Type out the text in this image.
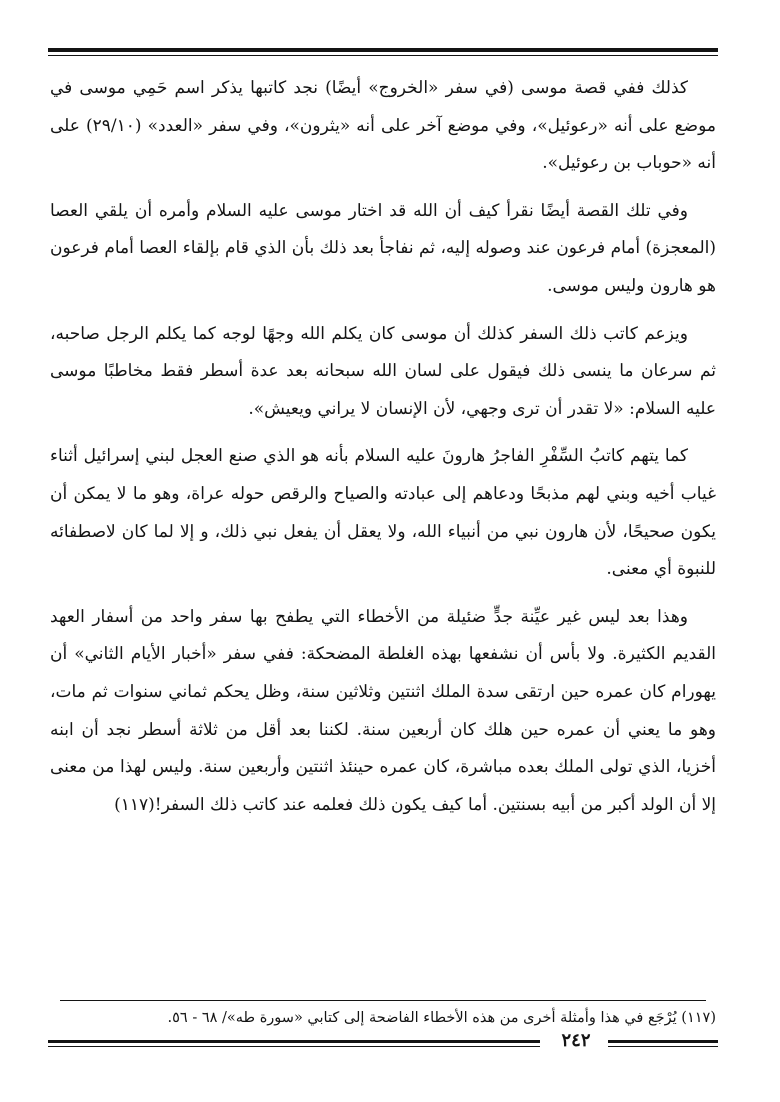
كذلك ففي قصة موسى (في سفر «الخروج» أيضًا) نجد كاتبها يذكر اسم حَمِي موسى في موضع على أنه «رعوئيل»، وفي موضع آخر على أنه «يثرون»، وفي سفر «العدد» (٢٩/١٠) على أنه «حوباب بن رعوئيل».

وفي تلك القصة أيضًا نقرأ كيف أن الله قد اختار موسى عليه السلام وأمره أن يلقي العصا (المعجزة) أمام فرعون عند وصوله إليه، ثم نفاجأ بعد ذلك بأن الذي قام بإلقاء العصا أمام فرعون هو هارون وليس موسى.

ويزعم كاتب ذلك السفر كذلك أن موسى كان يكلم الله وجهًا لوجه كما يكلم الرجل صاحبه، ثم سرعان ما ينسى ذلك فيقول على لسان الله سبحانه بعد عدة أسطر فقط مخاطبًا موسى عليه السلام: «لا تقدر أن ترى وجهي، لأن الإنسان لا يراني ويعيش».

كما يتهم كاتبُ السِّفْرِ الفاجرُ هارونَ عليه السلام بأنه هو الذي صنع العجل لبني إسرائيل أثناء غياب أخيه وبني لهم مذبحًا ودعاهم إلى عبادته والصياح والرقص حوله عراة، وهو ما لا يمكن أن يكون صحيحًا، لأن هارون نبي من أنبياء الله، ولا يعقل أن يفعل نبي ذلك، و إلا لما كان لاصطفائه للنبوة أي معنى.

وهذا بعد ليس غير عيِّنة جدٍّ ضئيلة من الأخطاء التي يطفح بها سفر واحد من أسفار العهد القديم الكثيرة. ولا بأس أن نشفعها بهذه الغلطة المضحكة: ففي سفر «أخبار الأيام الثاني» أن يهورام كان عمره حين ارتقى سدة الملك اثنتين وثلاثين سنة، وظل يحكم ثماني سنوات ثم مات، وهو ما يعني أن عمره حين هلك كان أربعين سنة. لكننا بعد أقل من ثلاثة أسطر نجد أن ابنه أخزيا، الذي تولى الملك بعده مباشرة، كان عمره حينئذ اثنتين وأربعين سنة. وليس لهذا من معنى إلا أن الولد أكبر من أبيه بسنتين. أما كيف يكون ذلك فعلمه عند كاتب ذلك السفر!(١١٧)

(١١٧) يُرْجَع في هذا وأمثلة أخرى من هذه الأخطاء الفاضحة إلى كتابي «سورة طه»/ ٦٨ - ٥٦.
٢٤٢
